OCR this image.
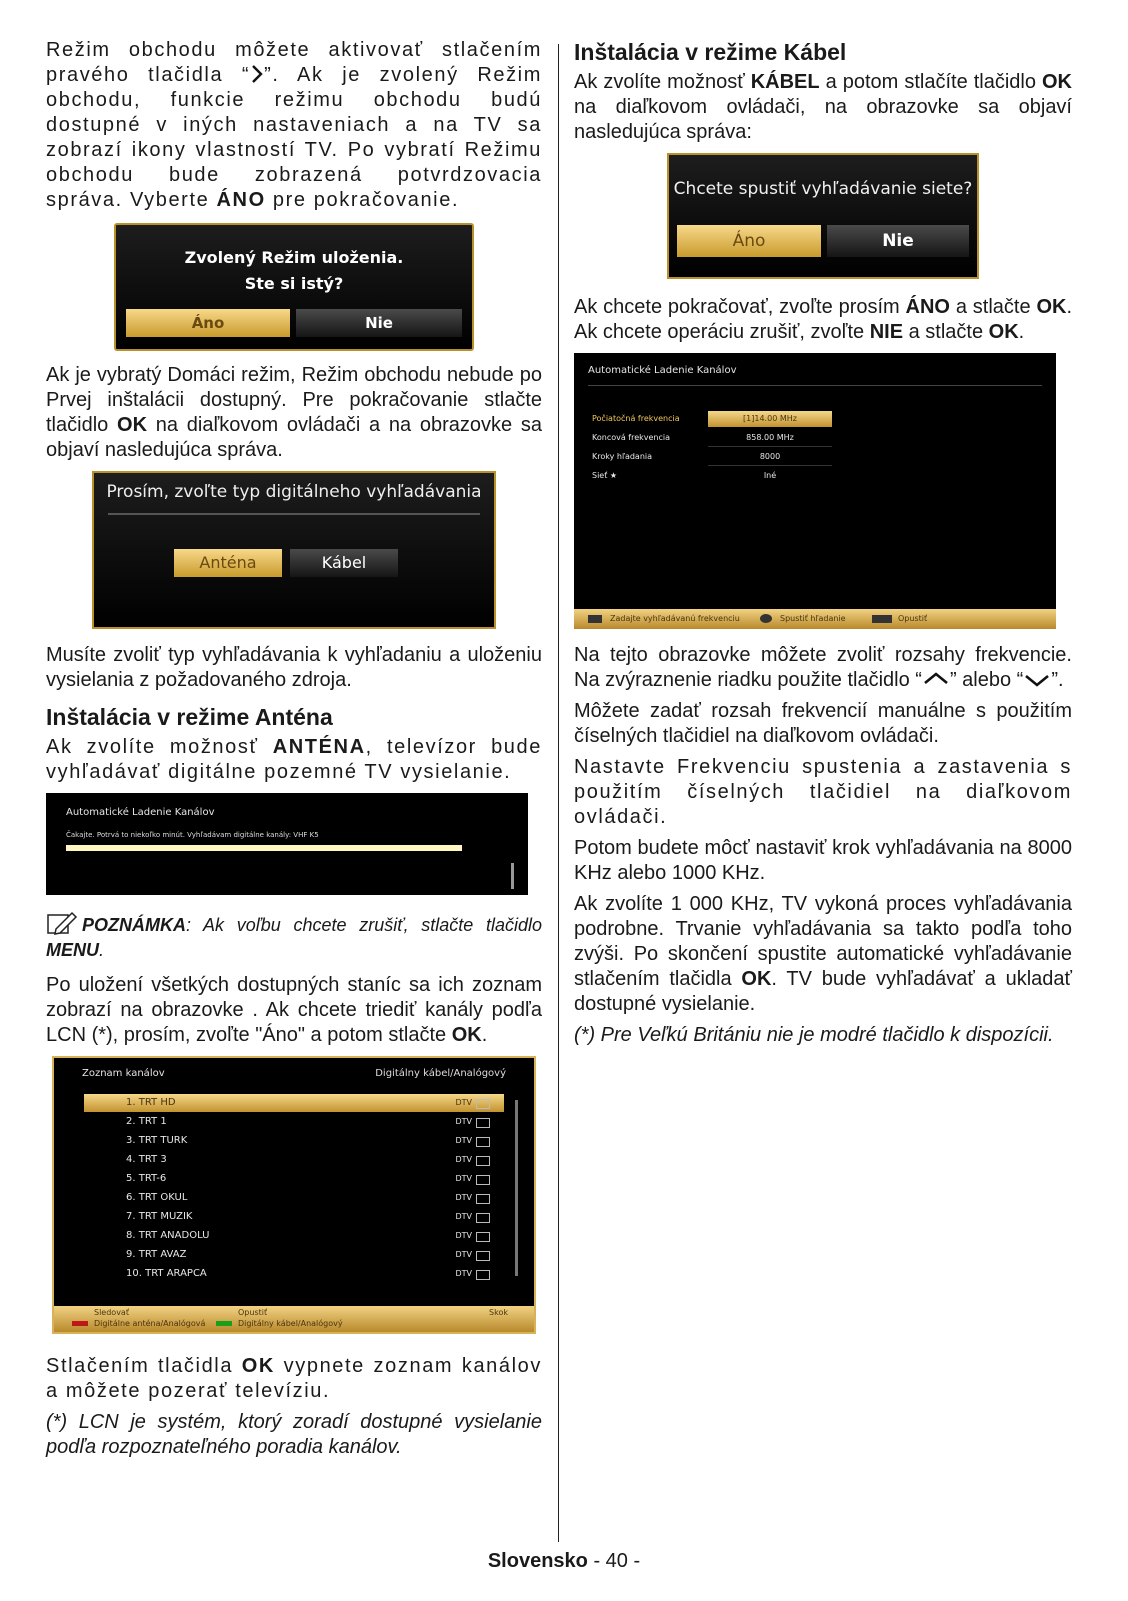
Režim obchodu môžete aktivovať stlačením pravého tlačidla “ ”. Ak je zvolený Režim obchodu, funkcie režimu obchodu budú dostupné v iných nastaveniach a na TV sa zobrazí ikony vlastností TV. Po vybratí Režimu obchodu bude zobrazená potvrdzovacia správa. Vyberte ÁNO pre pokračovanie.

Zvolený Režim uloženia.
Ste si istý?
Áno	Nie

Ak je vybratý Domáci režim, Režim obchodu nebude po Prvej inštalácii dostupný. Pre pokračovanie stlačte tlačidlo OK na diaľkovom ovládači a na obrazovke sa objaví nasledujúca správa.

Prosím, zvoľte typ digitálneho vyhľadávania
Anténa	Kábel

Musíte zvoliť typ vyhľadávania k vyhľadaniu a uloženiu vysielania z požadovaného zdroja.

Inštalácia v režime Anténa

Ak zvolíte možnosť ANTÉNA, televízor bude vyhľadávať digitálne pozemné TV vysielanie.

Automatické Ladenie Kanálov
Čakajte. Potrvá to niekoľko minút. Vyhľadávam digitálne kanály: VHF K5

POZNÁMKA: Ak voľbu chcete zrušiť, stlačte tlačidlo MENU.

Po uložení všetkých dostupných staníc sa ich zoznam zobrazí na obrazovke . Ak chcete triediť kanály podľa LCN (*), prosím, zvoľte "Áno" a potom stlačte OK.

Zoznam kanálov	Digitálny kábel/Analógový
1. TRT HD	DTV
2. TRT 1	DTV
3. TRT TURK	DTV
4. TRT 3	DTV
5. TRT-6	DTV
6. TRT OKUL	DTV
7. TRT MUZIK	DTV
8. TRT ANADOLU	DTV
9. TRT AVAZ	DTV
10. TRT ARAPCA	DTV
Sledovať	Opustiť	Skok
Digitálne anténa/Analógová	Digitálny kábel/Analógový

Stlačením tlačidla OK vypnete zoznam kanálov a môžete pozerať televíziu.

(*) LCN je systém, ktorý zoradí dostupné vysielanie podľa rozpoznateľného poradia kanálov.

Inštalácia v režime Kábel

Ak zvolíte možnosť KÁBEL a potom stlačíte tlačidlo OK na diaľkovom ovládači, na obrazovke sa objaví nasledujúca správa:

Chcete spustiť vyhľadávanie siete?
Áno	Nie

Ak chcete pokračovať, zvoľte prosím ÁNO a stlačte OK. Ak chcete operáciu zrušiť, zvoľte NIE a stlačte OK.

Automatické Ladenie Kanálov
Počiatočná frekvencia	[1]14.00 MHz
Koncová frekvencia	858.00 MHz
Kroky hľadania	8000
Sieť ★	Iné
Zadajte vyhľadávanú frekvenciu	Spustiť hľadanie	Opustiť

Na tejto obrazovke môžete zvoliť rozsahy frekvencie. Na zvýraznenie riadku použite tlačidlo “ ” alebo “ ”.

Môžete zadať rozsah frekvencií manuálne s použitím číselných tlačidiel na diaľkovom ovládači.

Nastavte Frekvenciu spustenia a zastavenia s použitím číselných tlačidiel na diaľkovom ovládači.

Potom budete môcť nastaviť krok vyhľadávania na 8000 KHz alebo 1000 KHz.

Ak zvolíte 1 000 KHz, TV vykoná proces vyhľadávania podrobne. Trvanie vyhľadávania sa takto podľa toho zvýši. Po skončení spustite automatické vyhľadávanie stlačením tlačidla OK. TV bude vyhľadávať a ukladať dostupné vysielanie.

(*) Pre Veľkú Britániu nie je modré tlačidlo k dispozícii.

Slovensko - 40 -
